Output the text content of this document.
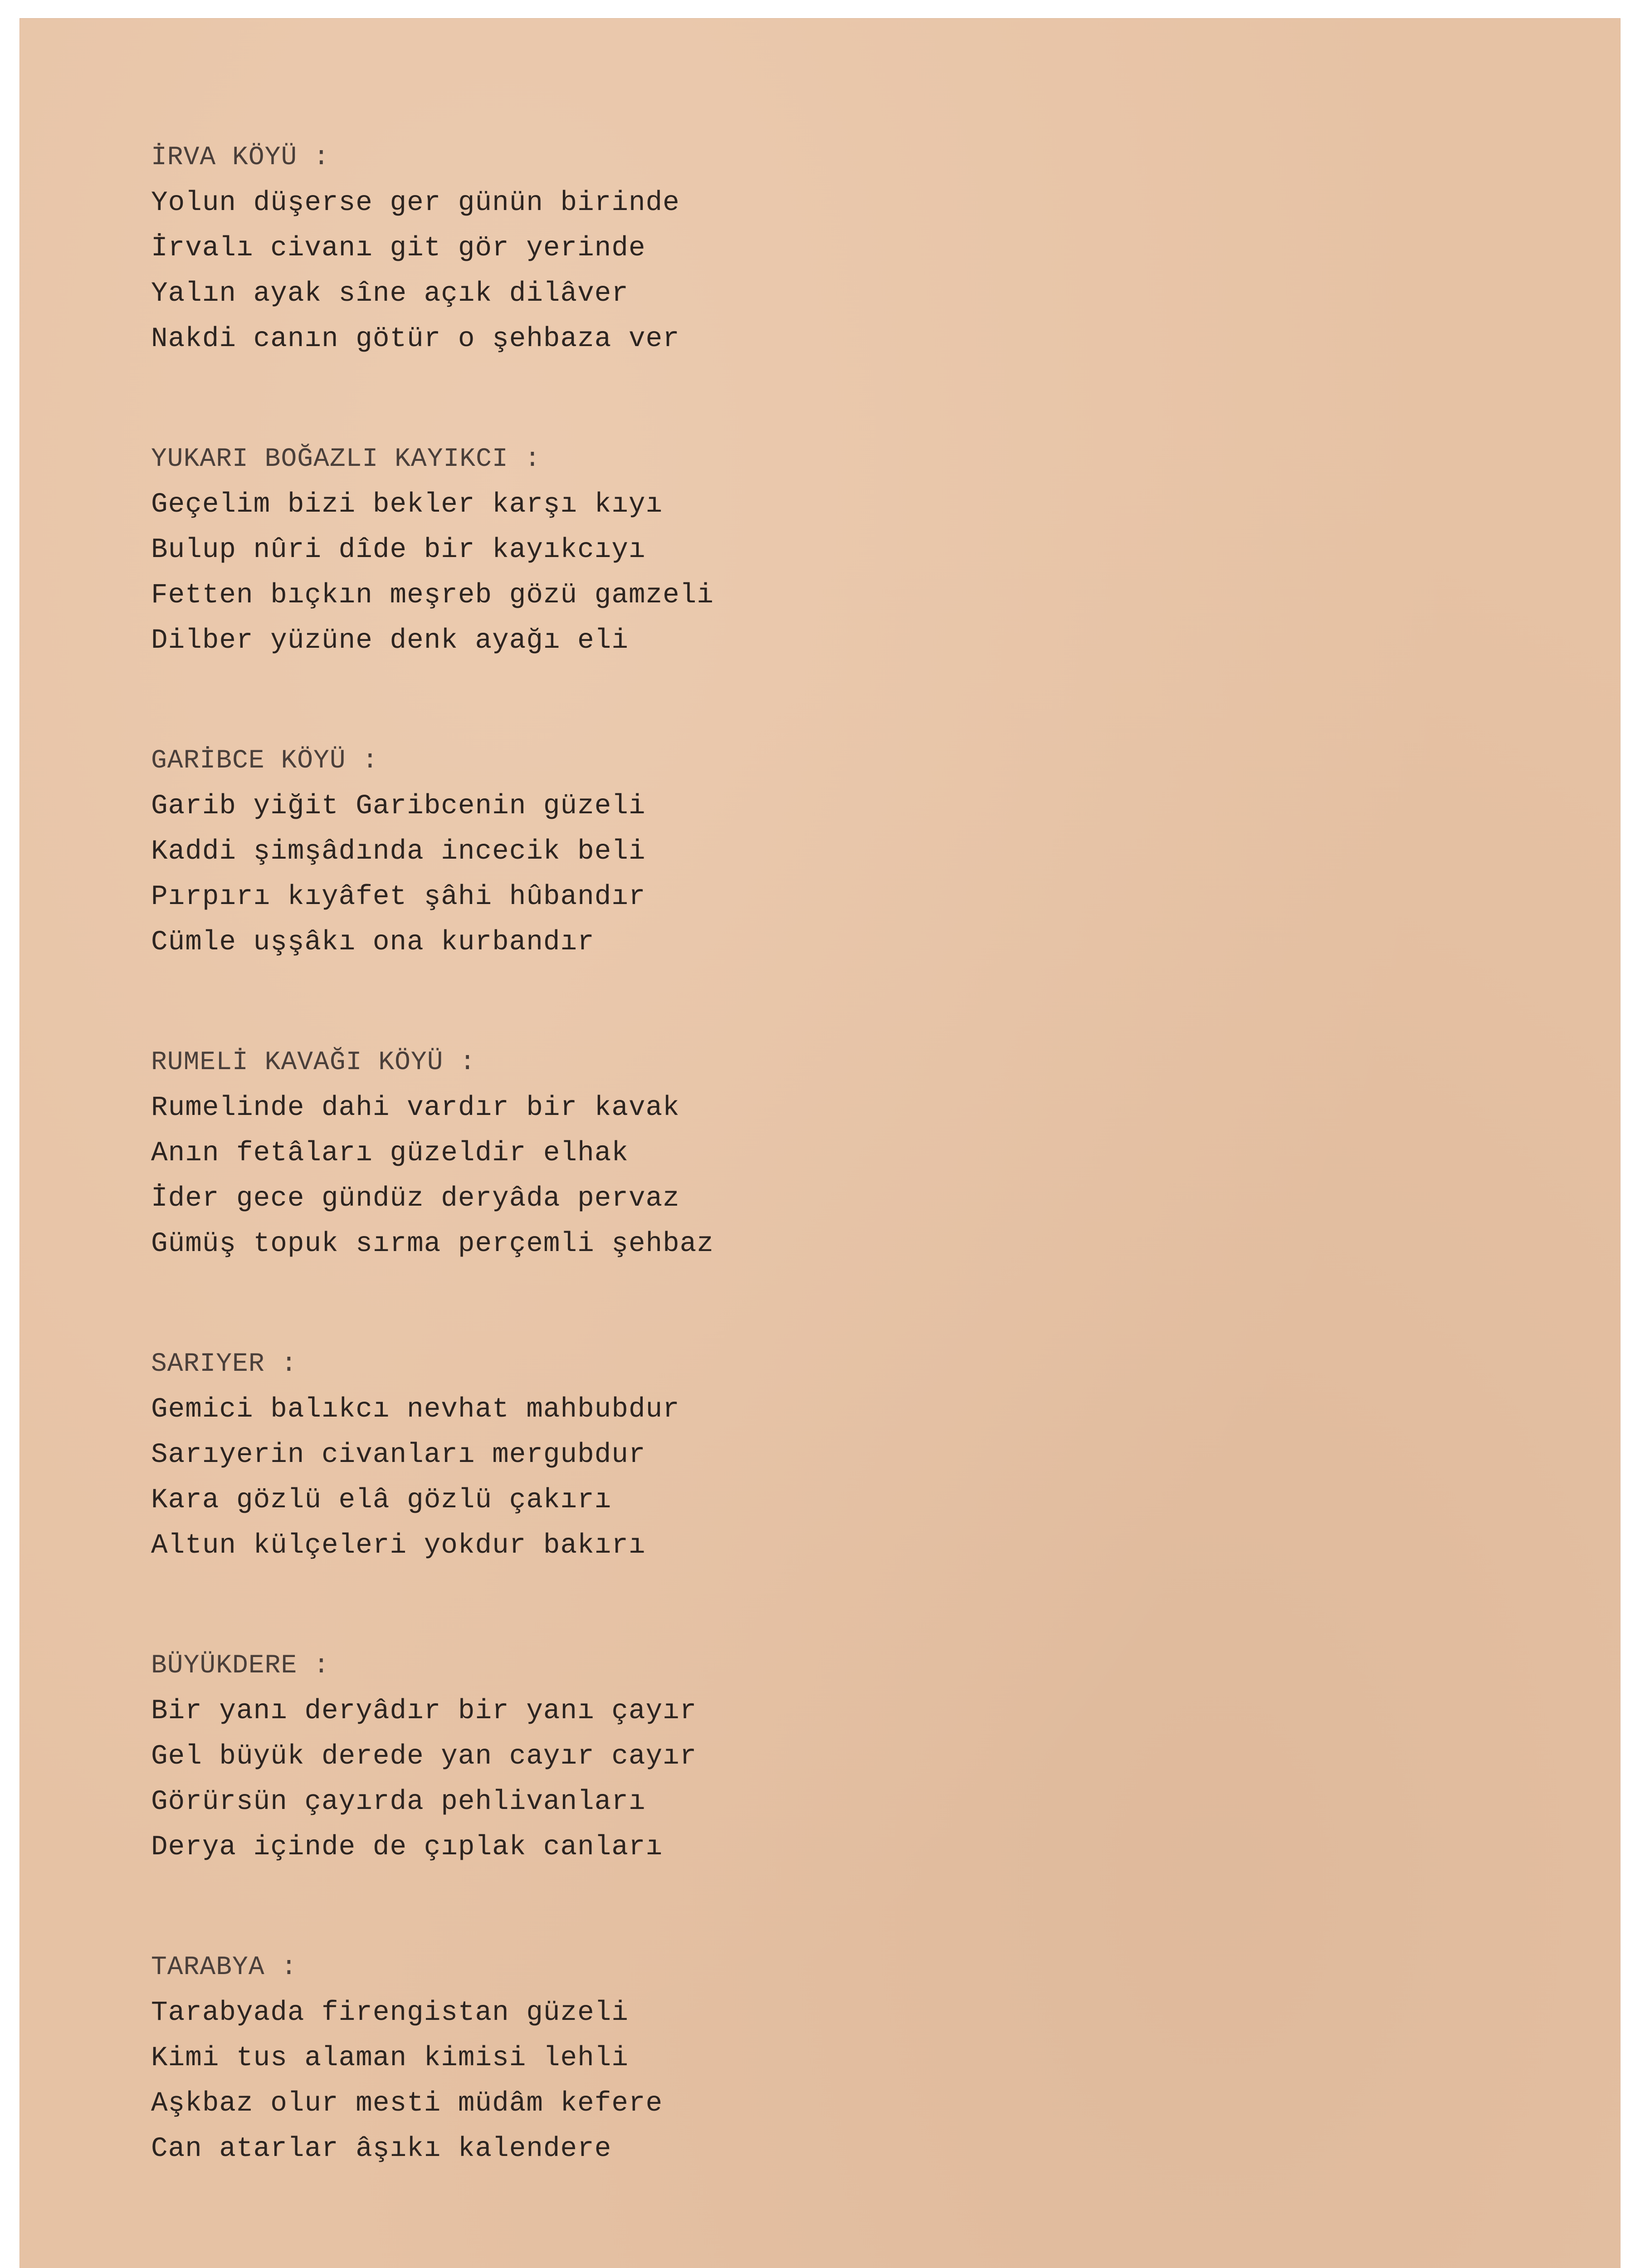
İRVA KÖYÜ :
Yolun düşerse ger günün birinde
İrvalı civanı git gör yerinde
Yalın ayak sîne açık dilâver
Nakdi canın götür o şehbaza ver
YUKARI BOĞAZLI KAYIKCI :
Geçelim bizi bekler karşı kıyı
Bulup nûri dîde bir kayıkcıyı
Fetten bıçkın meşreb gözü gamzeli
Dilber yüzüne denk ayağı eli
GARİBCE KÖYÜ :
Garib yiğit Garibcenin güzeli
Kaddi şimşâdında incecik beli
Pırpırı kıyâfet şâhi hûbandır
Cümle uşşâkı ona kurbandır
RUMELİ KAVAĞI KÖYÜ :
Rumelinde dahi vardır bir kavak
Anın fetâları güzeldir elhak
İder gece gündüz deryâda pervaz
Gümüş topuk sırma perçemli şehbaz
SARIYER :
Gemici balıkcı nevhat mahbubdur
Sarıyerin civanları mergubdur
Kara gözlü elâ gözlü çakırı
Altun külçeleri yokdur bakırı
BÜYÜKDERE :
Bir yanı deryâdır bir yanı çayır
Gel büyük derede yan cayır cayır
Görürsün çayırda pehlivanları
Derya içinde de çıplak canları
TARABYA :
Tarabyada firengistan güzeli
Kimi tus alaman kimisi lehli
Aşkbaz olur mesti müdâm kefere
Can atarlar âşıkı kalendere
